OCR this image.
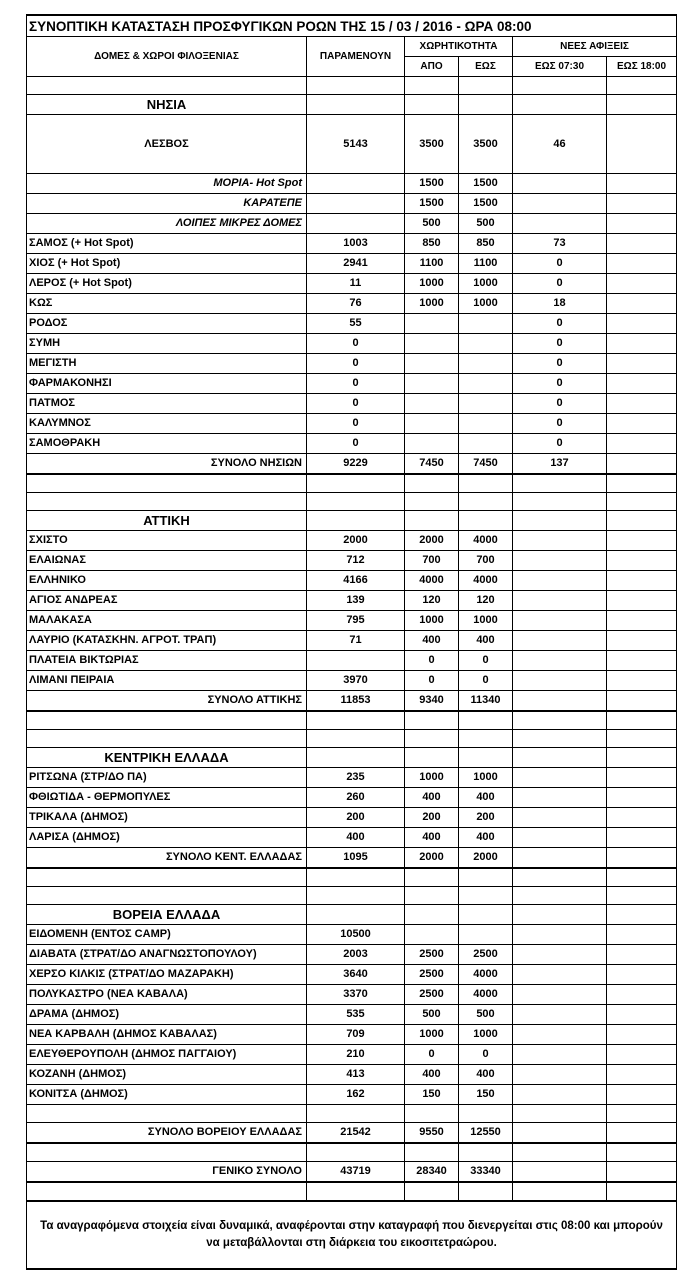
ΣΥΝΟΠΤΙΚΗ ΚΑΤΑΣΤΑΣΗ ΠΡΟΣΦΥΓΙΚΩΝ ΡΟΩΝ ΤΗΣ 15 / 03 / 2016 - ΩΡΑ 08:00					
ΔΟΜΕΣ & ΧΩΡΟΙ ΦΙΛΟΞΕΝΙΑΣ	ΠΑΡΑΜΕΝΟΥΝ	ΧΩΡΗΤΙΚΟΤΗΤΑ		ΝΕΕΣ ΑΦΙΞΕΙΣ	
		ΑΠΟ	ΕΩΣ	ΕΩΣ 07:30	ΕΩΣ 18:00

ΝΗΣΙΑ					
ΛΕΣΒΟΣ	5143	3500	3500	46	
ΜΟΡΙΑ- Hot Spot		1500	1500		
ΚΑΡΑΤΕΠΕ		1500	1500		
ΛΟΙΠΕΣ ΜΙΚΡΕΣ ΔΟΜΕΣ		500	500		
ΣΑΜΟΣ (+ Hot Spot)	1003	850	850	73	
ΧΙΟΣ (+ Hot Spot)	2941	1100	1100	0	
ΛΕΡΟΣ (+ Hot Spot)	11	1000	1000	0	
ΚΩΣ	76	1000	1000	18	
ΡΟΔΟΣ	55			0	
ΣΥΜΗ	0			0	
ΜΕΓΙΣΤΗ	0			0	
ΦΑΡΜΑΚΟΝΗΣΙ	0			0	
ΠΑΤΜΟΣ	0			0	
ΚΑΛΥΜΝΟΣ	0			0	
ΣΑΜΟΘΡΑΚΗ	0			0	
ΣΥΝΟΛΟ ΝΗΣΙΩΝ	9229	7450	7450	137	

ΑΤΤΙΚΗ					
ΣΧΙΣΤΟ	2000	2000	4000		
ΕΛΑΙΩΝΑΣ	712	700	700		
ΕΛΛΗΝΙΚΟ	4166	4000	4000		
ΑΓΙΟΣ ΑΝΔΡΕΑΣ	139	120	120		
ΜΑΛΑΚΑΣΑ	795	1000	1000		
ΛΑΥΡΙΟ (ΚΑΤΑΣΚΗΝ. ΑΓΡΟΤ. ΤΡΑΠ)	71	400	400		
ΠΛΑΤΕΙΑ ΒΙΚΤΩΡΙΑΣ		0	0		
ΛΙΜΑΝΙ ΠΕΙΡΑΙΑ	3970	0	0		
ΣΥΝΟΛΟ ΑΤΤΙΚΗΣ	11853	9340	11340		

ΚΕΝΤΡΙΚΗ ΕΛΛΑΔΑ					
ΡΙΤΣΩΝΑ (ΣΤΡ/ΔΟ ΠΑ)	235	1000	1000		
ΦΘΙΩΤΙΔΑ - ΘΕΡΜΟΠΥΛΕΣ	260	400	400		
ΤΡΙΚΑΛΑ (ΔΗΜΟΣ)	200	200	200		
ΛΑΡΙΣΑ (ΔΗΜΟΣ)	400	400	400		
ΣΥΝΟΛΟ ΚΕΝΤ. ΕΛΛΑΔΑΣ	1095	2000	2000		

ΒΟΡΕΙΑ ΕΛΛΑΔΑ					
ΕΙΔΟΜΕΝΗ (ΕΝΤΟΣ CAMP)	10500				
ΔΙΑΒΑΤΑ (ΣΤΡΑΤ/ΔΟ ΑΝΑΓΝΩΣΤΟΠΟΥΛΟΥ)	2003	2500	2500		
ΧΕΡΣΟ ΚΙΛΚΙΣ (ΣΤΡΑΤ/ΔΟ ΜΑΖΑΡΑΚΗ)	3640	2500	4000		
ΠΟΛΥΚΑΣΤΡΟ (ΝΕΑ ΚΑΒΑΛΑ)	3370	2500	4000		
ΔΡΑΜΑ (ΔΗΜΟΣ)	535	500	500		
ΝΕΑ ΚΑΡΒΑΛΗ (ΔΗΜΟΣ ΚΑΒΑΛΑΣ)	709	1000	1000		
ΕΛΕΥΘΕΡΟΥΠΟΛΗ (ΔΗΜΟΣ ΠΑΓΓΑΙΟΥ)	210	0	0		
ΚΟΖΑΝΗ (ΔΗΜΟΣ)	413	400	400		
ΚΟΝΙΤΣΑ (ΔΗΜΟΣ)	162	150	150		

ΣΥΝΟΛΟ ΒΟΡΕΙΟΥ ΕΛΛΑΔΑΣ	21542	9550	12550		

ΓΕΝΙΚΟ ΣΥΝΟΛΟ	43719	28340	33340		

Τα αναγραφόμενα στοιχεία είναι δυναμικά, αναφέρονται στην καταγραφή που διενεργείται στις 08:00 και μπορούν να μεταβάλλονται στη διάρκεια του εικοσιτετραώρου.					
